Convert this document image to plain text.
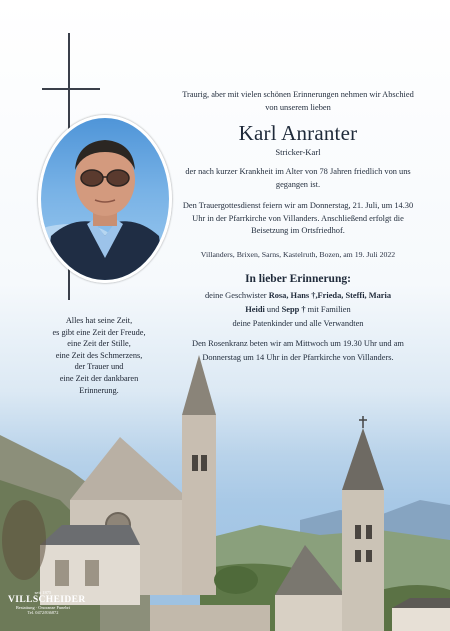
Alles hat seine Zeit,
es gibt eine Zeit der Freude,
eine Zeit der Stille,
eine Zeit des Schmerzens,
der Trauer und
eine Zeit der dankbaren
Erinnerung.
Traurig, aber mit vielen schönen Erinnerungen nehmen wir Abschied von unserem lieben
Karl Anranter
Stricker-Karl
der nach kurzer Krankheit im Alter von 78 Jahren friedlich von uns gegangen ist.
Den Trauergottesdienst feiern wir am Donnerstag, 21. Juli, um 14.30 Uhr in der Pfarrkirche von Villanders. Anschließend erfolgt die Beisetzung im Ortsfriedhof.
Villanders, Brixen, Sarns, Kastelruth, Bozen, am 19. Juli 2022
In lieber Erinnerung:
deine Geschwister Rosa, Hans †,Frieda, Steffi, Maria
Heidi und Sepp † mit Familien
deine Patenkinder und alle Verwandten
Den Rosenkranz beten wir am Mittwoch um 19.30 Uhr und am Donnerstag um 14 Uhr in der Pfarrkirche von Villanders.
seit 1875
VILLSCHEIDER
Bestattung · Onoranze Funebri
Tel. 0472/836872
